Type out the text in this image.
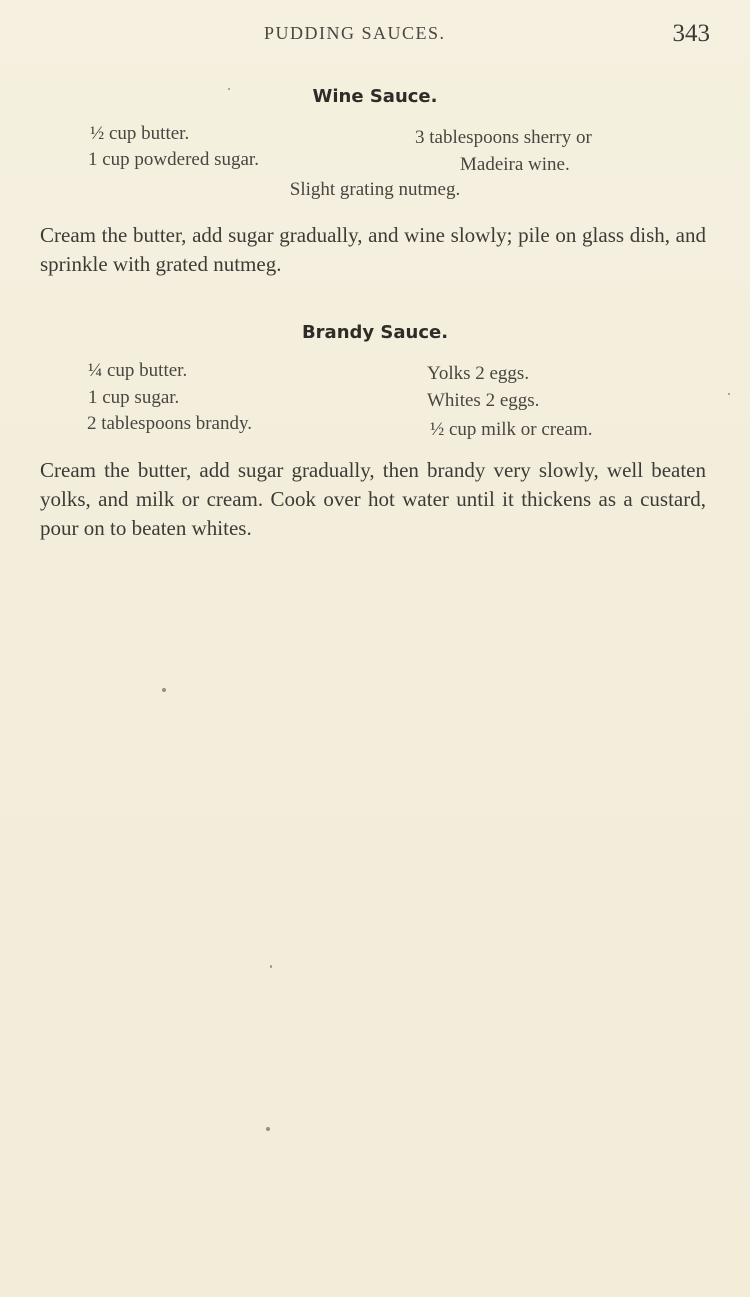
PUDDING SAUCES.	343
Wine Sauce.
½ cup butter.
1 cup powdered sugar.
3 tablespoons sherry or
Madeira wine.
Slight grating nutmeg.
Cream the butter, add sugar gradually, and wine slowly; pile on glass dish, and sprinkle with grated nutmeg.
Brandy Sauce.
¼ cup butter.
1 cup sugar.
2 tablespoons brandy.
Yolks 2 eggs.
Whites 2 eggs.
½ cup milk or cream.
Cream the butter, add sugar gradually, then brandy very slowly, well beaten yolks, and milk or cream. Cook over hot water until it thickens as a custard, pour on to beaten whites.
